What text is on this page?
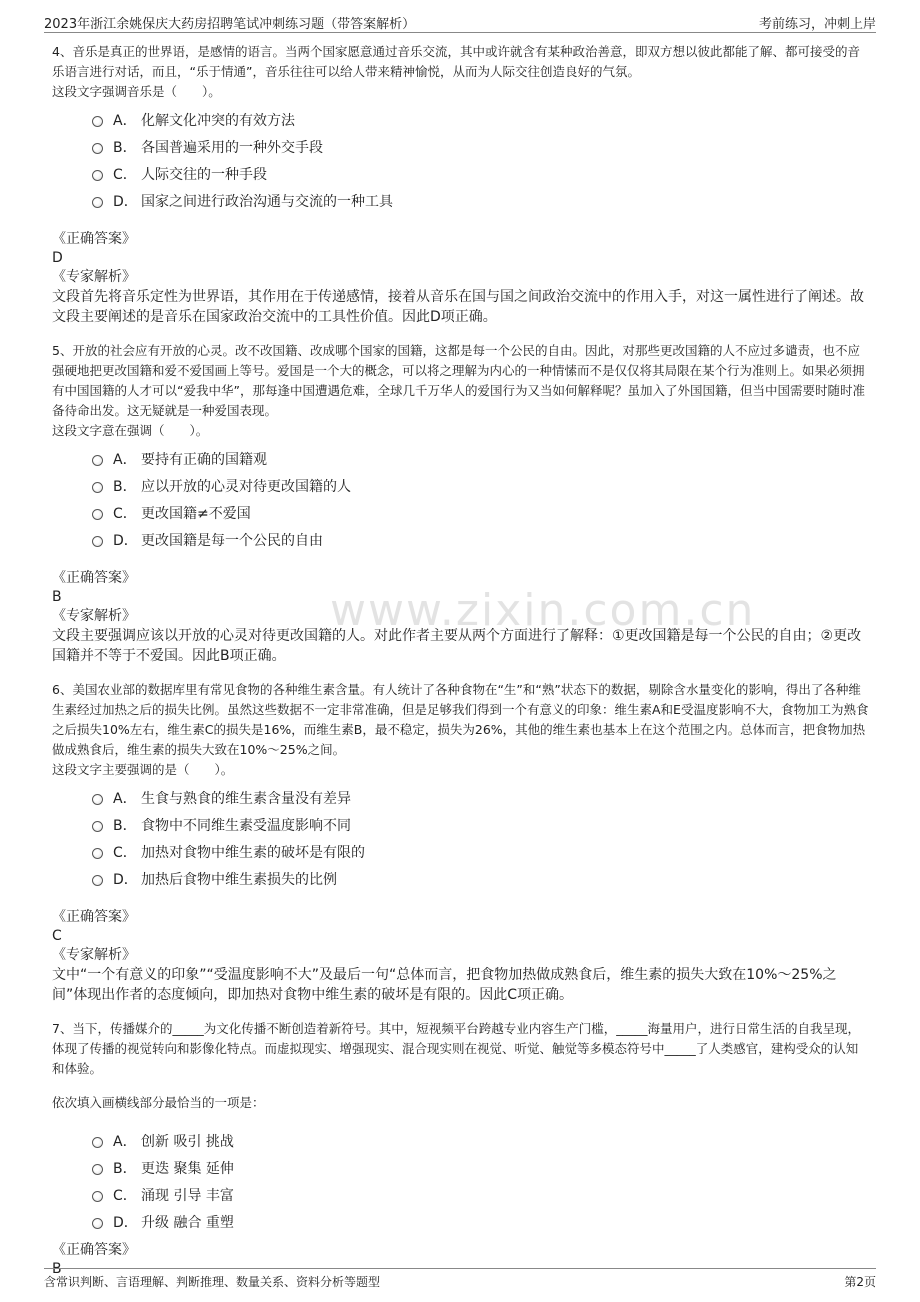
2023年浙江余姚保庆大药房招聘笔试冲刺练习题（带答案解析）	考前练习，冲刺上岸
www.zixin.com.cn

4、音乐是真正的世界语，是感情的语言。当两个国家愿意通过音乐交流，其中或许就含有某种政治善意，即双方想以彼此都能了解、都可接受的音乐语言进行对话，而且，“乐于情通”，音乐往往可以给人带来精神愉悦，从而为人际交往创造良好的气氛。

这段文字强调音乐是（　　）。

A． 化解文化冲突的有效方法
B． 各国普遍采用的一种外交手段
C． 人际交往的一种手段
D． 国家之间进行政治沟通与交流的一种工具

《正确答案》

D

《专家解析》

文段首先将音乐定性为世界语，其作用在于传递感情，接着从音乐在国与国之间政治交流中的作用入手，对这一属性进行了阐述。故文段主要阐述的是音乐在国家政治交流中的工具性价值。因此D项正确。

5、开放的社会应有开放的心灵。改不改国籍、改成哪个国家的国籍，这都是每一个公民的自由。因此，对那些更改国籍的人不应过多谴责，也不应强硬地把更改国籍和爱不爱国画上等号。爱国是一个大的概念，可以将之理解为内心的一种情愫而不是仅仅将其局限在某个行为准则上。如果必须拥有中国国籍的人才可以“爱我中华”，那每逢中国遭遇危难，全球几千万华人的爱国行为又当如何解释呢？虽加入了外国国籍，但当中国需要时随时准备待命出发。这无疑就是一种爱国表现。

这段文字意在强调（　　）。

A． 要持有正确的国籍观
B． 应以开放的心灵对待更改国籍的人
C． 更改国籍≠不爱国
D． 更改国籍是每一个公民的自由

《正确答案》

B

《专家解析》

文段主要强调应该以开放的心灵对待更改国籍的人。对此作者主要从两个方面进行了解释：①更改国籍是每一个公民的自由；②更改国籍并不等于不爱国。因此B项正确。

6、美国农业部的数据库里有常见食物的各种维生素含量。有人统计了各种食物在“生”和“熟”状态下的数据，剔除含水量变化的影响，得出了各种维生素经过加热之后的损失比例。虽然这些数据不一定非常准确，但是足够我们得到一个有意义的印象：维生素A和E受温度影响不大，食物加工为熟食之后损失10%左右，维生素C的损失是16%，而维生素B，最不稳定，损失为26%，其他的维生素也基本上在这个范围之内。总体而言，把食物加热做成熟食后，维生素的损失大致在10%～25%之间。

这段文字主要强调的是（　　）。

A． 生食与熟食的维生素含量没有差异
B． 食物中不同维生素受温度影响不同
C． 加热对食物中维生素的破坏是有限的
D． 加热后食物中维生素损失的比例

《正确答案》

C

《专家解析》

文中“一个有意义的印象”“受温度影响不大”及最后一句“总体而言，把食物加热做成熟食后，维生素的损失大致在10%～25%之间”体现出作者的态度倾向，即加热对食物中维生素的破坏是有限的。因此C项正确。

7、当下，传播媒介的_____为文化传播不断创造着新符号。其中，短视频平台跨越专业内容生产门槛，_____海量用户，进行日常生活的自我呈现，体现了传播的视觉转向和影像化特点。而虚拟现实、增强现实、混合现实则在视觉、听觉、触觉等多模态符号中_____了人类感官，建构受众的认知和体验。

依次填入画横线部分最恰当的一项是：

A． 创新 吸引 挑战
B． 更迭 聚集 延伸
C． 涌现 引导 丰富
D． 升级 融合 重塑

《正确答案》

B

含常识判断、言语理解、判断推理、数量关系、资料分析等题型	第2页
